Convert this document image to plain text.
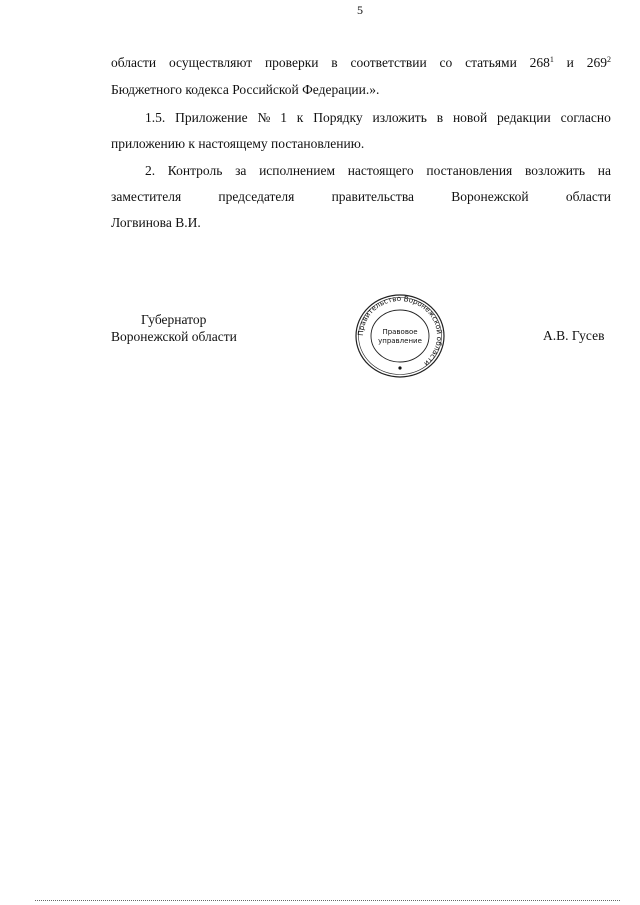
5
области осуществляют проверки в соответствии со статьями $268^1$ и $269^2$
Бюджетного кодекса Российской Федерации.».
1.5. Приложение № 1 к Порядку изложить в новой редакции согласно
приложению к настоящему постановлению.
2. Контроль за исполнением настоящего постановления возложить на
заместителя	председателя	правительства	Воронежской	области
Логвинова В.И.
Губернатор
Воронежской области	Правительство Воронежской области
Правовое
управление	А.В. Гусев
